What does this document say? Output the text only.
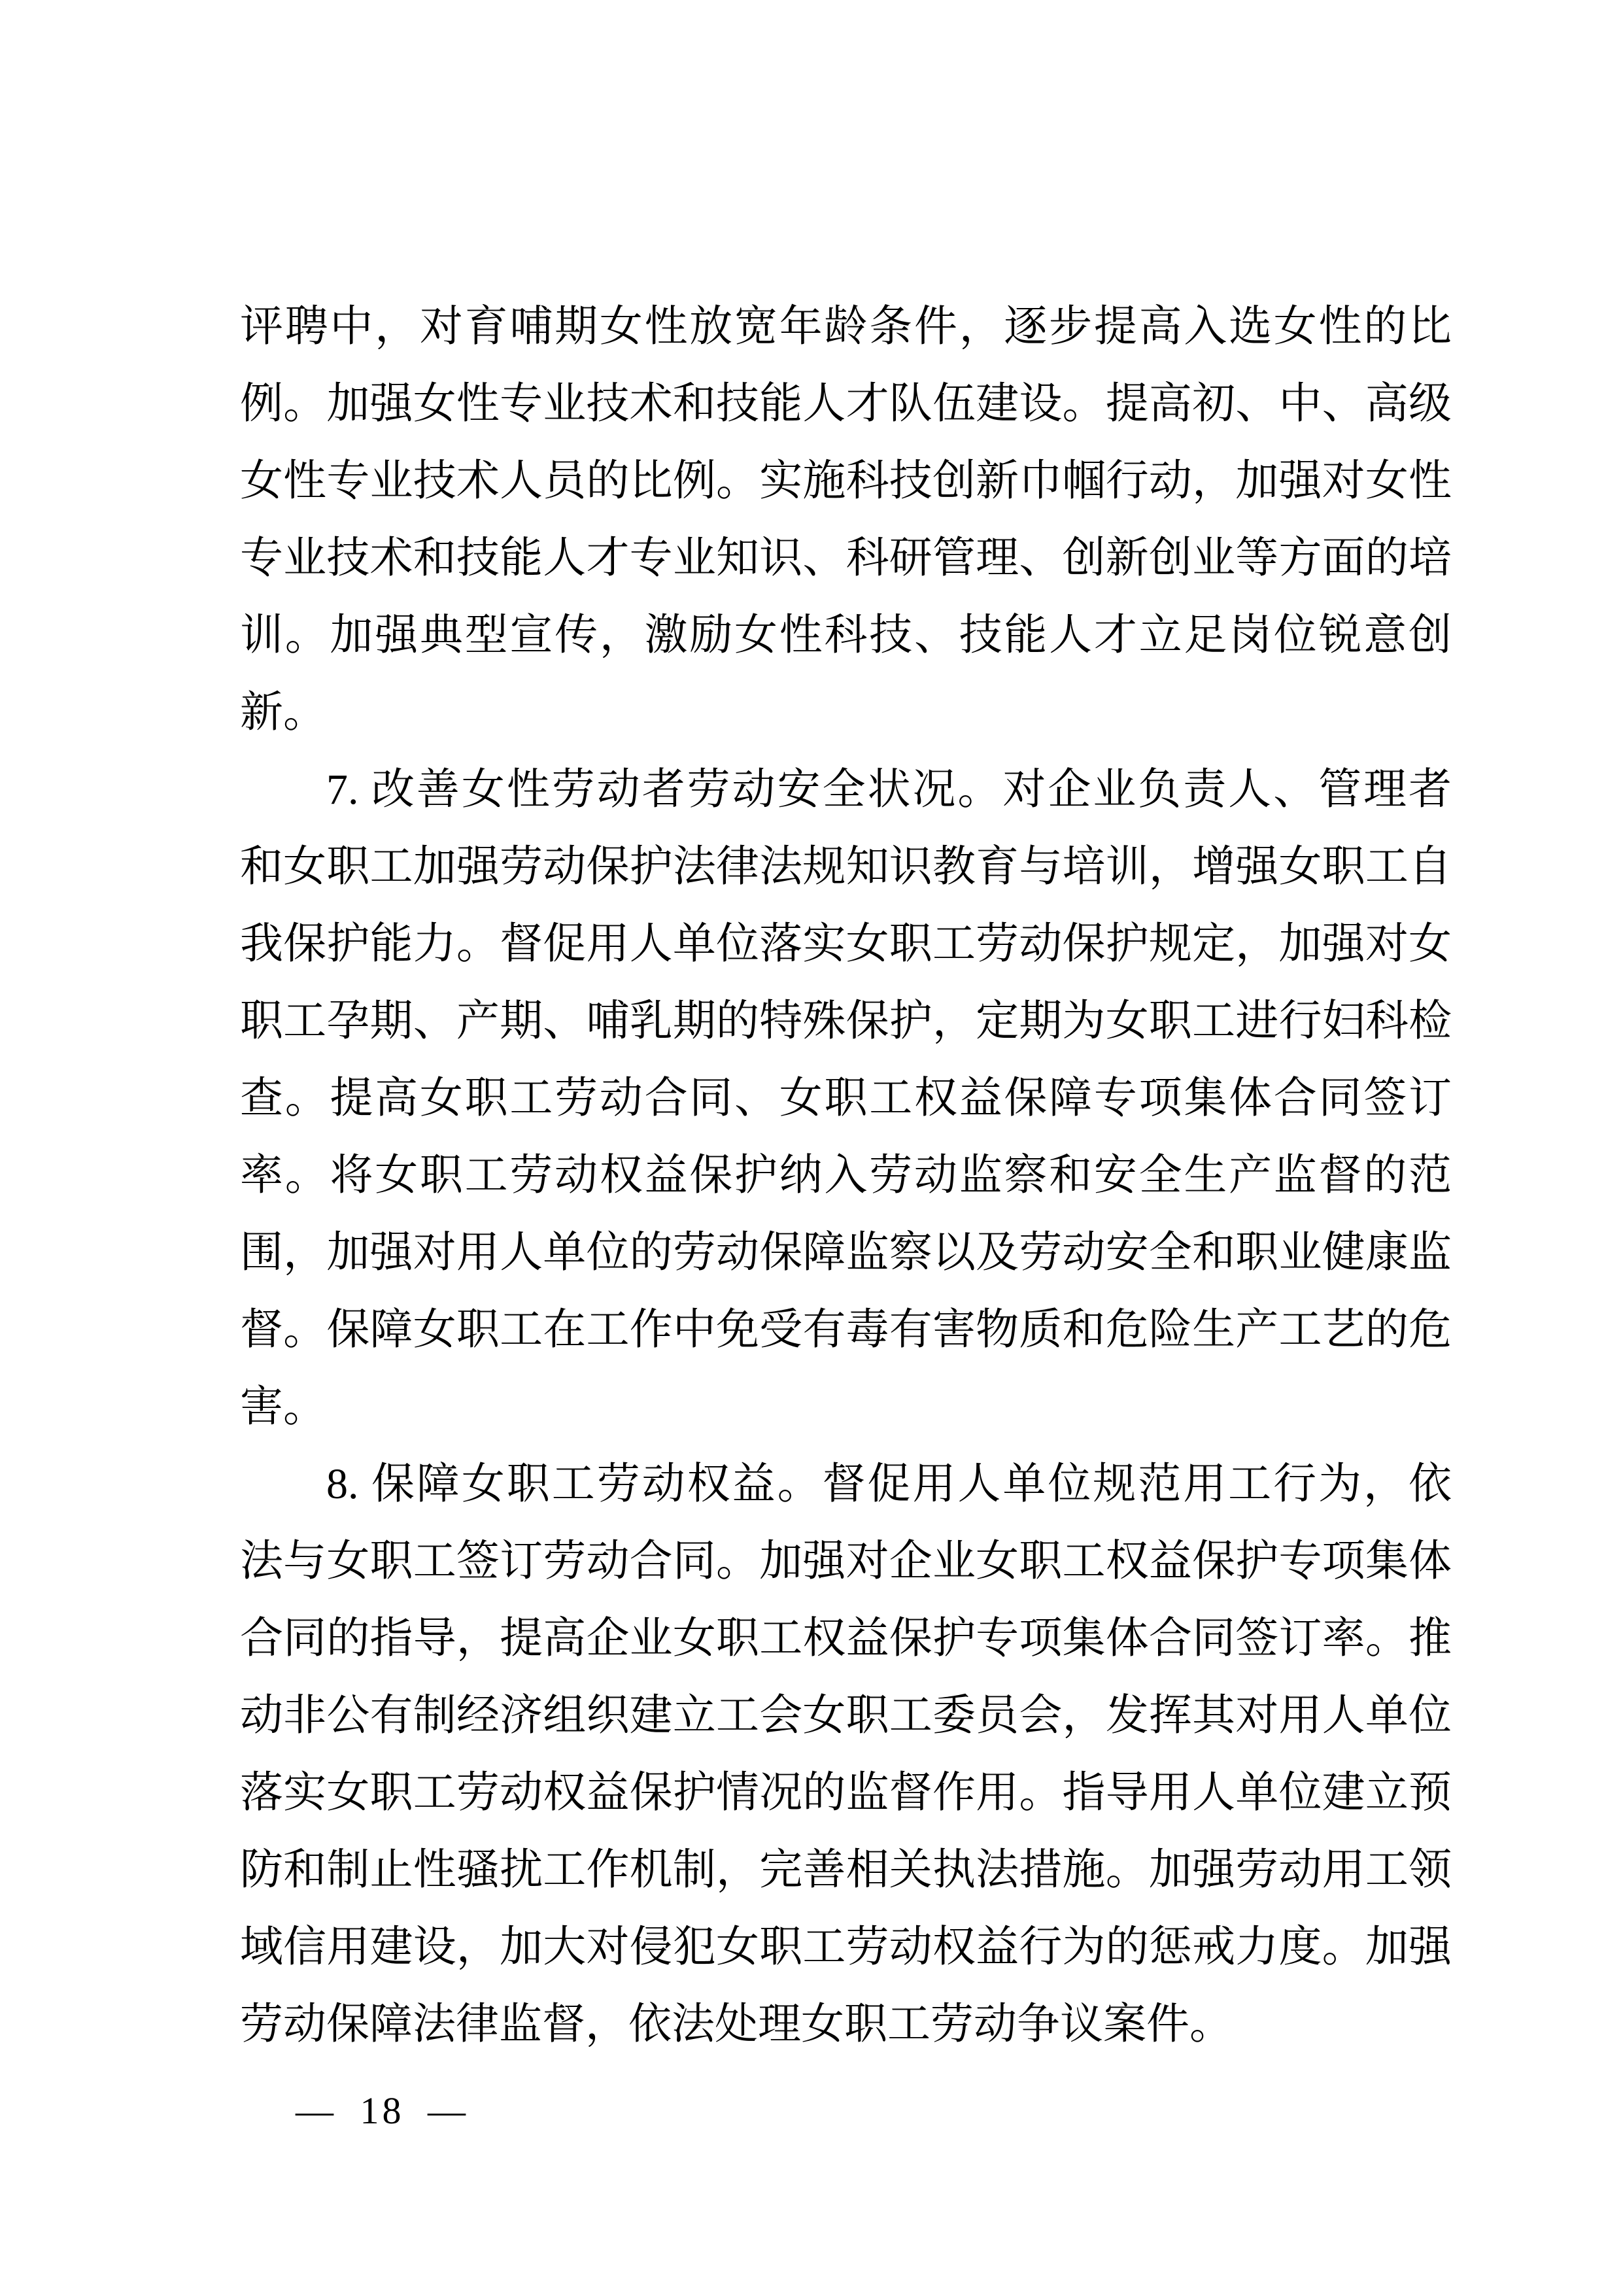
评聘中，对育哺期女性放宽年龄条件，逐步提高入选女性的比
例。加强女性专业技术和技能人才队伍建设。提高初、中、高级
女性专业技术人员的比例。实施科技创新巾帼行动，加强对女性
专业技术和技能人才专业知识、科研管理、创新创业等方面的培
训。加强典型宣传，激励女性科技、技能人才立足岗位锐意创
新。
7. 改善女性劳动者劳动安全状况。对企业负责人、管理者
和女职工加强劳动保护法律法规知识教育与培训，增强女职工自
我保护能力。督促用人单位落实女职工劳动保护规定，加强对女
职工孕期、产期、哺乳期的特殊保护，定期为女职工进行妇科检
查。提高女职工劳动合同、女职工权益保障专项集体合同签订
率。将女职工劳动权益保护纳入劳动监察和安全生产监督的范
围，加强对用人单位的劳动保障监察以及劳动安全和职业健康监
督。保障女职工在工作中免受有毒有害物质和危险生产工艺的危
害。
8. 保障女职工劳动权益。督促用人单位规范用工行为，依
法与女职工签订劳动合同。加强对企业女职工权益保护专项集体
合同的指导，提高企业女职工权益保护专项集体合同签订率。推
动非公有制经济组织建立工会女职工委员会，发挥其对用人单位
落实女职工劳动权益保护情况的监督作用。指导用人单位建立预
防和制止性骚扰工作机制，完善相关执法措施。加强劳动用工领
域信用建设，加大对侵犯女职工劳动权益行为的惩戒力度。加强
劳动保障法律监督，依法处理女职工劳动争议案件。
— 18 —
